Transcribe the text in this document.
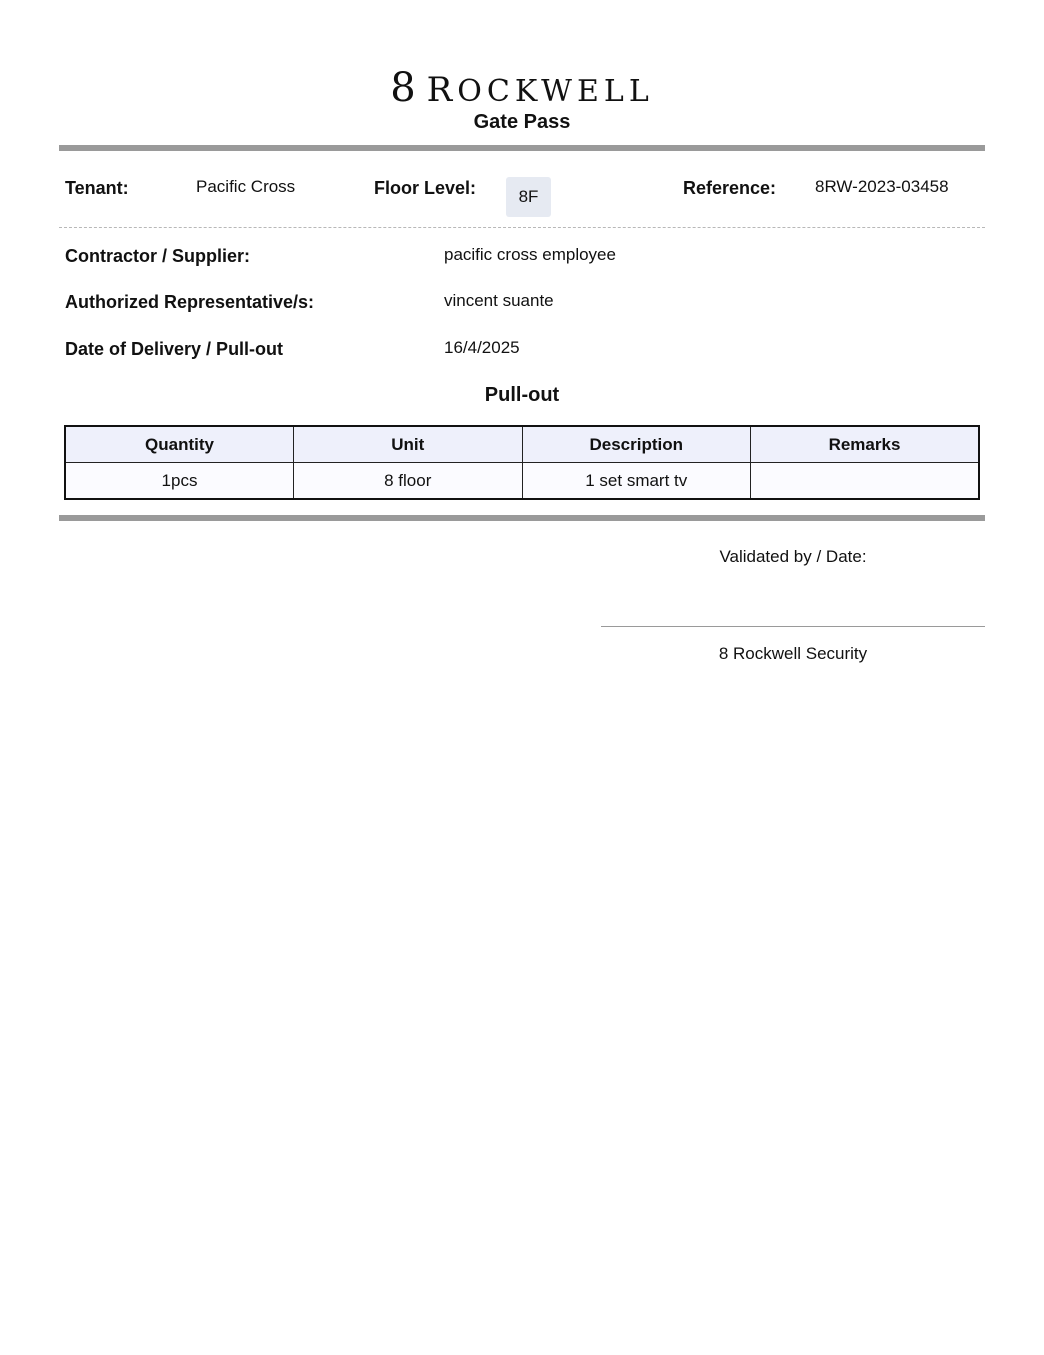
8 ROCKWELL
Gate Pass
Tenant:	Pacific Cross	Floor Level:	8F	Reference: 8RW-2023-03458
Contractor / Supplier:	pacific cross employee
Authorized Representative/s:	vincent suante
Date of Delivery / Pull-out	16/4/2025
Pull-out
Quantity	Unit	Description	Remarks
1pcs	8 floor	1 set smart tv	
Validated by / Date:
8 Rockwell Security
